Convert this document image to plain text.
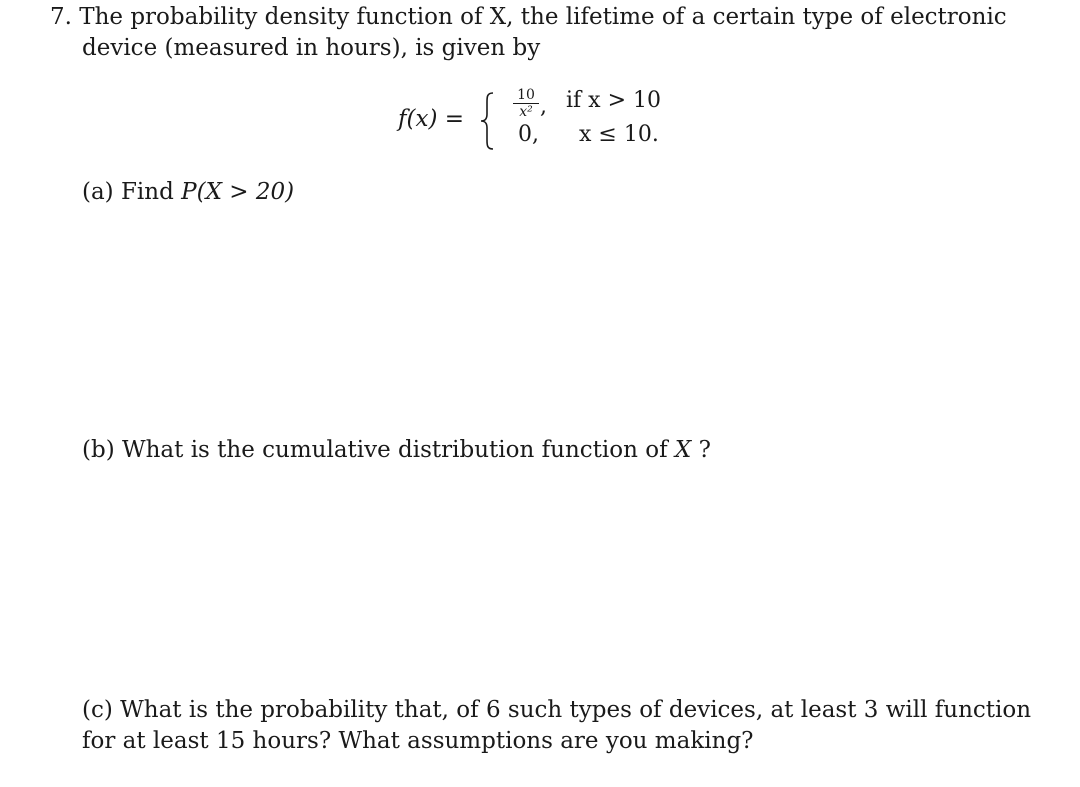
7. The probability density function of X, the lifetime of a certain type of electronic
device (measured in hours), is given by
f(x) =	$\frac{10}{\text{x²}}$ , if x > 10
0, x ≤ 10.
(a) Find P(X > 20)
(b) What is the cumulative distribution function of X ?
(c) What is the probability that, of 6 such types of devices, at least 3 will function
for at least 15 hours? What assumptions are you making?
